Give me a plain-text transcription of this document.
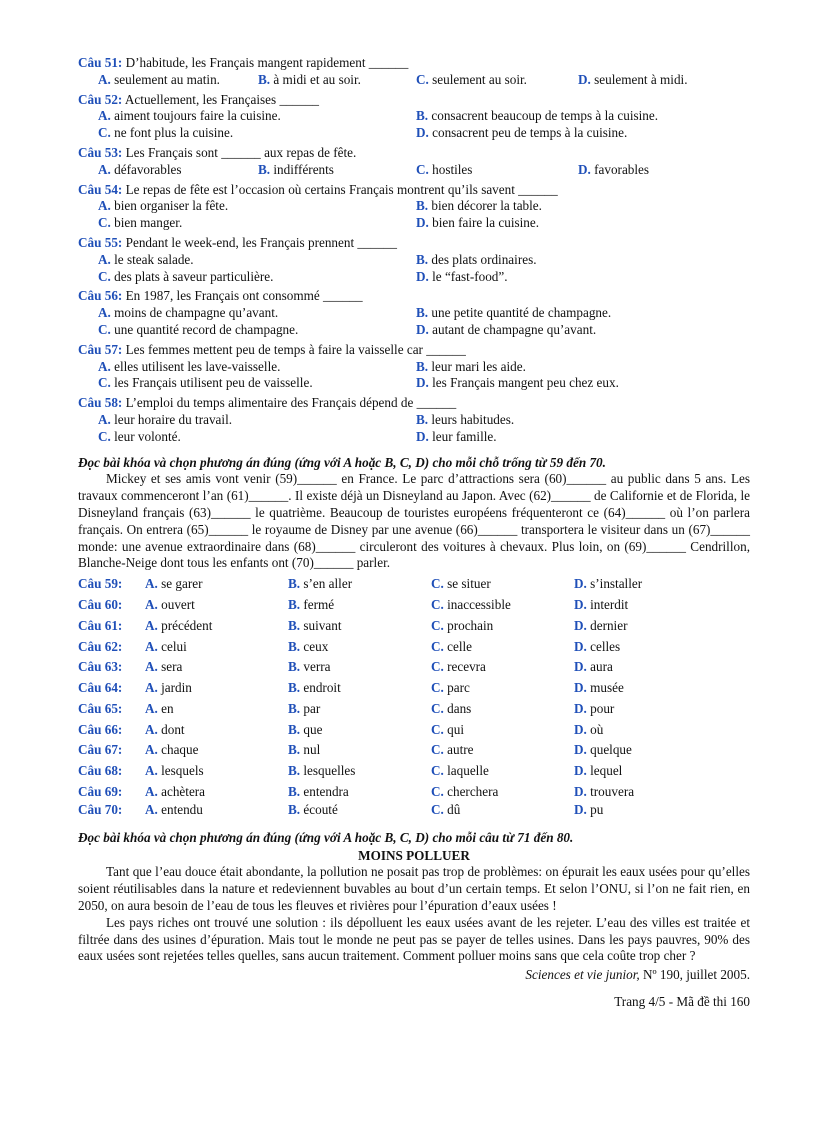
Câu 51: D’habitude, les Français mangent rapidement ______
A. seulement au matin.	B. à midi et au soir.	C. seulement au soir.	D. seulement à midi.
Câu 52: Actuellement, les Françaises ______
A. aiment toujours faire la cuisine.	B. consacrent beaucoup de temps à la cuisine.
C. ne font plus la cuisine.	D. consacrent peu de temps à la cuisine.
Câu 53: Les Français sont ______ aux repas de fête.
A. défavorables	B. indifférents	C. hostiles	D. favorables
Câu 54: Le repas de fête est l’occasion où certains Français montrent qu’ils savent ______
A. bien organiser la fête.	B. bien décorer la table.
C. bien manger.	D. bien faire la cuisine.
Câu 55: Pendant le week-end, les Français prennent ______
A. le steak salade.	B. des plats ordinaires.
C. des plats à saveur particulière.	D. le “fast-food”.
Câu 56: En 1987, les Français ont consommé ______
A. moins de champagne qu’avant.	B. une petite quantité de champagne.
C. une quantité record de champagne.	D. autant de champagne qu’avant.
Câu 57: Les femmes mettent peu de temps à faire la vaisselle car ______
A. elles utilisent les lave-vaisselle.	B. leur mari les aide.
C. les Français utilisent peu de vaisselle.	D. les Français mangent peu chez eux.
Câu 58: L’emploi du temps alimentaire des Français dépend de ______
A. leur horaire du travail.	B. leurs habitudes.
C. leur volonté.	D. leur famille.
Đọc bài khóa và chọn phương án đúng (ứng với A hoặc B, C, D) cho mỗi chỗ trống từ 59 đến 70.

Mickey et ses amis vont venir (59)______ en France. Le parc d’attractions sera (60)______ au public dans 5 ans. Les travaux commenceront l’an (61)______. Il existe déjà un Disneyland au Japon. Avec (62)______ de Californie et de Florida, le Disneyland français (63)______ le quatrième. Beaucoup de touristes européens fréquenteront ce (64)______ où l’on parlera français. On entrera (65)______ le royaume de Disney par une avenue (66)______ transportera le visiteur dans un (67)______ monde: une avenue extraordinaire dans (68)______ circuleront des voitures à chevaux. Plus loin, on (69)______ Cendrillon, Blanche-Neige dont tous les enfants ont (70)______ parler.

Câu 59:	A. se garer	B. s’en aller	C. se situer	D. s’installer
Câu 60:	A. ouvert	B. fermé	C. inaccessible	D. interdit
Câu 61:	A. précédent	B. suivant	C. prochain	D. dernier
Câu 62:	A. celui	B. ceux	C. celle	D. celles
Câu 63:	A. sera	B. verra	C. recevra	D. aura
Câu 64:	A. jardin	B. endroit	C. parc	D. musée
Câu 65:	A. en	B. par	C. dans	D. pour
Câu 66:	A. dont	B. que	C. qui	D. où
Câu 67:	A. chaque	B. nul	C. autre	D. quelque
Câu 68:	A. lesquels	B. lesquelles	C. laquelle	D. lequel
Câu 69:	A. achètera	B. entendra	C. cherchera	D. trouvera
Câu 70:	A. entendu	B. écouté	C. dû	D. pu
Đọc bài khóa và chọn phương án đúng (ứng với A hoặc B, C, D) cho mỗi câu từ 71 đến 80.
MOINS POLLUER

Tant que l’eau douce était abondante, la pollution ne posait pas trop de problèmes: on épurait les eaux usées pour qu’elles soient réutilisables dans la nature et redeviennent buvables au bout d’un certain temps. Et selon l’ONU, si l’on ne fait rien, en 2050, on aura besoin de l’eau de tous les fleuves et rivières pour l’épuration d’eaux usées !

Les pays riches ont trouvé une solution : ils dépolluent les eaux usées avant de les rejeter. L’eau des villes est traitée et filtrée dans des usines d’épuration. Mais tout le monde ne peut pas se payer de telles usines. Dans les pays pauvres, 90% des eaux usées sont rejetées telles quelles, sans aucun traitement. Comment polluer moins sans que cela coûte trop cher ?

Sciences et vie junior, Nº 190, juillet 2005.
Trang 4/5 - Mã đề thi 160
